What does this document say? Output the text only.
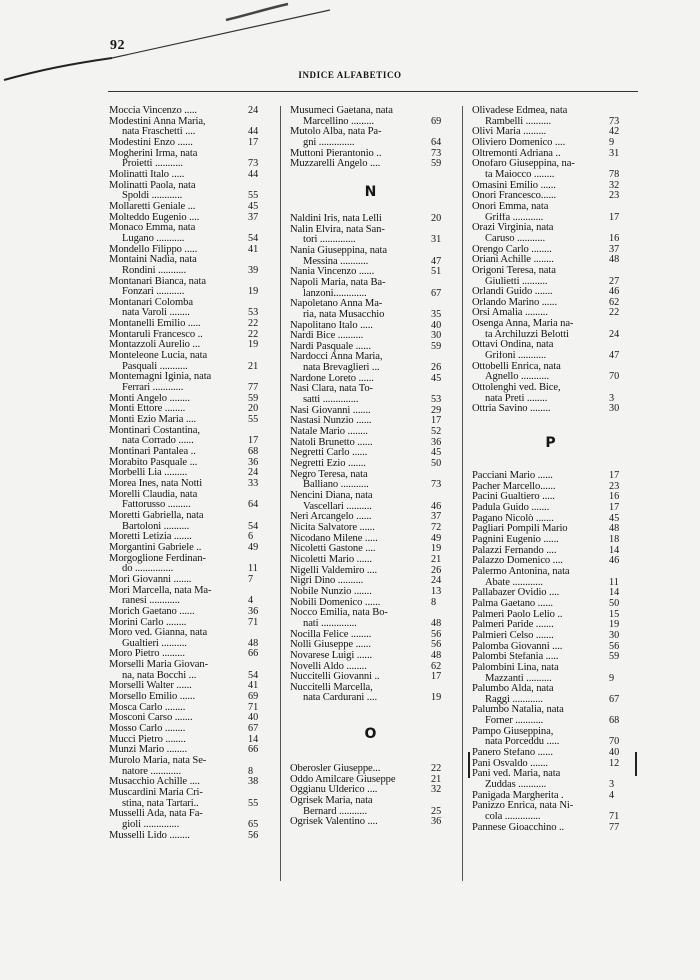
92
INDICE ALFABETICO
Moccia Vincenzo .....	24
Modestini Anna Maria,
nata Fraschetti ....	44
Modestini Enzo ......	17
Mogherini Irma, nata
Proietti ...........	73
Molinatti Italo .....	44
Molinatti Paola, nata
Spoldi ............	55
Mollaretti Geniale ...	45
Molteddo Eugenio ....	37
Monaco Emma, nata
Lugano ...........	54
Mondello Filippo .....	41
Montaini Nadia, nata
Rondini ...........	39
Montanari Bianca, nata
Fonzari ...........	19
Montanari Colomba
nata Varoli ........	53
Montanelli Emilio .....	22
Montaruli Francesco ..	22
Montazzoli Aurelio ...	19
Monteleone Lucia, nata
Pasquali ...........	21
Montemagni Iginia, nata
Ferrari ............	77
Monti Angelo ........	59
Monti Ettore ........	20
Monti Ezio Maria ....	55
Montinari Costantina,
nata Corrado ......	17
Montinari Pantalea ..	68
Morabito Pasquale ...	36
Morbelli Lia .........	24
Morea Ines, nata Notti	33
Morelli Claudia, nata
Fattorusso .........	64
Moretti Gabriella, nata
Bartoloni ..........	54
Moretti Letizia .......	6
Morgantini Gabriele ..	49
Morgoglione Ferdinan-
do ...............	11
Mori Giovanni .......	7
Mori Marcella, nata Ma-
ranesi ............	4
Morich Gaetano ......	36
Morini Carlo ........	71
Moro ved. Gianna, nata
Gualtieri ..........	48
Moro Pietro .........	66
Morselli Maria Giovan-
na, nata Bocchi ...	54
Morselli Walter ......	41
Morsello Emilio ......	69
Mosca Carlo ........	71
Mosconi Carso .......	40
Mosso Carlo ........	67
Mucci Pietro ........	14
Munzi Mario ........	66
Murolo Maria, nata Se-
natore ............	8
Musacchio Achille ....	38
Muscardini Maria Cri-
stina, nata Tartari..	55
Musselli Ada, nata Fa-
gioli ..............	65
Musselli Lido ........	56
Musumeci Gaetana, nata
Marcellino .........	69
Mutolo Alba, nata Pa-
gni ..............	64
Muttoni Pierantonio ..	73
Muzzarelli Angelo ....	59
N
Naldini Iris, nata Lelli	20
Nalin Elvira, nata San-
tori ..............	31
Nania Giuseppina, nata
Messina ...........	47
Nania Vincenzo ......	51
Napoli Maria, nata Ba-
lanzoni.............	67
Napoletano Anna Ma-
ria, nata Musacchio	35
Napolitano Italo .....	40
Nardi Bice ..........	30
Nardi Pasquale ......	59
Nardocci Anna Maria,
nata Brevaglieri ...	26
Nardone Loreto ......	45
Nasi Clara, nata To-
satti ..............	53
Nasi Giovanni .......	29
Nastasi Nunzio ......	17
Natale Mario ........	52
Natoli Brunetto ......	36
Negretti Carlo ......	45
Negretti Ezio .......	50
Negro Teresa, nata
Balliano ...........	73
Nencini Diana, nata
Vascellari ..........	46
Neri Arcangelo ......	37
Nicita Salvatore ......	72
Nicodano Milene .....	49
Nicoletti Gastone ....	19
Nicoletti Mario ......	21
Nigelli Valdemiro ....	26
Nigri Dino ..........	24
Nobile Nunzio .......	13
Nobili Domenico ......	8
Nocco Emilia, nata Bo-
nati ..............	48
Nocilla Felice ........	56
Nolli Giuseppe ......	56
Novarese Luigi ......	48
Novelli Aldo ........	62
Nuccitelli Giovanni ..	17
Nuccitelli Marcella,
nata Cardurani ....	19
O
Oberosler Giuseppe...	22
Oddo Amilcare Giuseppe	21
Oggianu Ulderico ....	32
Ogrisek Maria, nata
Bernard ...........	25
Ogrisek Valentino ....	36
Olivadese Edmea, nata
Rambelli ..........	73
Olivi Maria .........	42
Oliviero Domenico ....	9
Oltremonti Adriana ..	31
Onofaro Giuseppina, na-
ta Maiocco ........	78
Omasini Emilio ......	32
Onori Francesco......	23
Onori Emma, nata
Griffa ............	17
Orazi Virginia, nata
Caruso ...........	16
Orengo Carlo ........	37
Oriani Achille ........	48
Origoni Teresa, nata
Giulietti ..........	27
Orlandi Guido .......	46
Orlando Marino ......	62
Orsi Amalia .........	22
Osenga Anna, Maria na-
ta Archiluzzi Belotti	24
Ottavi Ondina, nata
Grifoni ...........	47
Ottobelli Enrica, nata
Agnello ...........	70
Ottolenghi ved. Bice,
nata Preti ........	3
Ottria Savino ........	30
P
Pacciani Mario ......	17
Pacher Marcello......	23
Pacini Gualtiero .....	16
Padula Guido .......	17
Pagano Nicolò .......	45
Pagliari Pompili Mario	48
Pagnini Eugenio ......	18
Palazzi Fernando ....	14
Palazzo Domenico ....	46
Palermo Antonina, nata
Abate ............	11
Pallabazer Ovidio ....	14
Palma Gaetano ......	50
Palmeri Paolo Lelio ..	15
Palmeri Paride .......	19
Palmieri Celso .......	30
Palomba Giovanni ....	56
Palombi Stefania .....	59
Palombini Lina, nata
Mazzanti ..........	9
Palumbo Alda, nata
Raggi ............	67
Palumbo Natalia, nata
Forner ...........	68
Pampo Giuseppina,
nata Porceddu .....	70
Panero Stefano ......	40
Pani Osvaldo .......	12
Pani ved. Maria, nata
Zuddas ...........	3
Panigada Margherita .	4
Panizzo Enrica, nata Ni-
cola ..............	71
Pannese Gioacchino ..	77
